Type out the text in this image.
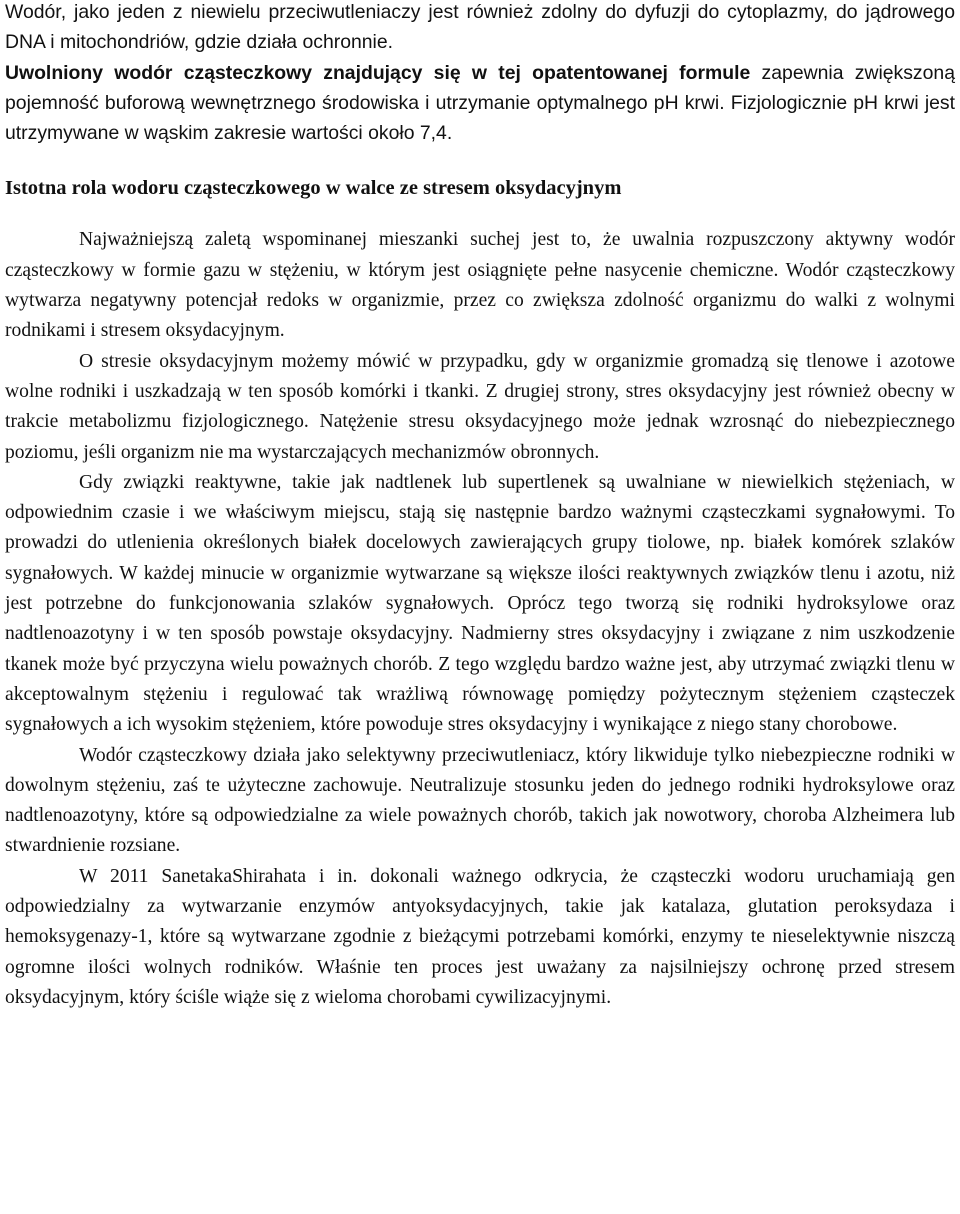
Wodór, jako jeden z niewielu przeciwutleniaczy jest również zdolny do dyfuzji do cytoplazmy, do jądrowego DNA i mitochondriów, gdzie działa ochronnie.

Uwolniony wodór cząsteczkowy znajdujący się w tej opatentowanej formule zapewnia zwiększoną pojemność buforową wewnętrznego środowiska i utrzymanie optymalnego pH krwi. Fizjologicznie pH krwi jest utrzymywane w wąskim zakresie wartości około 7,4.

Istotna rola wodoru cząsteczkowego w walce ze stresem oksydacyjnym

Najważniejszą zaletą wspominanej mieszanki suchej jest to, że uwalnia rozpuszczony aktywny wodór cząsteczkowy w formie gazu w stężeniu, w którym jest osiągnięte pełne nasycenie chemiczne. Wodór cząsteczkowy wytwarza negatywny potencjał redoks w organizmie, przez co zwiększa zdolność organizmu do walki z wolnymi rodnikami i stresem oksydacyjnym.

O stresie oksydacyjnym możemy mówić w przypadku, gdy w organizmie gromadzą się tlenowe i azotowe wolne rodniki i uszkadzają w ten sposób komórki i tkanki. Z drugiej strony, stres oksydacyjny jest również obecny w trakcie metabolizmu fizjologicznego. Natężenie stresu oksydacyjnego może jednak wzrosnąć do niebezpiecznego poziomu, jeśli organizm nie ma wystarczających mechanizmów obronnych.

Gdy związki reaktywne, takie jak nadtlenek lub supertlenek są uwalniane w niewielkich stężeniach, w odpowiednim czasie i we właściwym miejscu, stają się następnie bardzo ważnymi cząsteczkami sygnałowymi. To prowadzi do utlenienia określonych białek docelowych zawierających grupy tiolowe, np. białek komórek szlaków sygnałowych. W każdej minucie w organizmie wytwarzane są większe ilości reaktywnych związków tlenu i azotu, niż jest potrzebne do funkcjonowania szlaków sygnałowych. Oprócz tego tworzą się rodniki hydroksylowe oraz nadtlenoazotyny i w ten sposób powstaje oksydacyjny. Nadmierny stres oksydacyjny i związane z nim uszkodzenie tkanek może być przyczyna wielu poważnych chorób. Z tego względu bardzo ważne jest, aby utrzymać związki tlenu w akceptowalnym stężeniu i regulować tak wrażliwą równowagę pomiędzy pożytecznym stężeniem cząsteczek sygnałowych a ich wysokim stężeniem, które powoduje stres oksydacyjny i wynikające z niego stany chorobowe.

Wodór cząsteczkowy działa jako selektywny przeciwutleniacz, który likwiduje tylko niebezpieczne rodniki w dowolnym stężeniu, zaś te użyteczne zachowuje. Neutralizuje stosunku jeden do jednego rodniki hydroksylowe oraz nadtlenoazotyny, które są odpowiedzialne za wiele poważnych chorób, takich jak nowotwory, choroba Alzheimera lub stwardnienie rozsiane.

W 2011 SanetakaShirahata i in. dokonali ważnego odkrycia, że cząsteczki wodoru uruchamiają gen odpowiedzialny za wytwarzanie enzymów antyoksydacyjnych, takie jak katalaza, glutation peroksydaza i hemoksygenazy-1, które są wytwarzane zgodnie z bieżącymi potrzebami komórki, enzymy te nieselektywnie niszczą ogromne ilości wolnych rodników. Właśnie ten proces jest uważany za najsilniejszy ochronę przed stresem oksydacyjnym, który ściśle wiąże się z wieloma chorobami cywilizacyjnymi.
